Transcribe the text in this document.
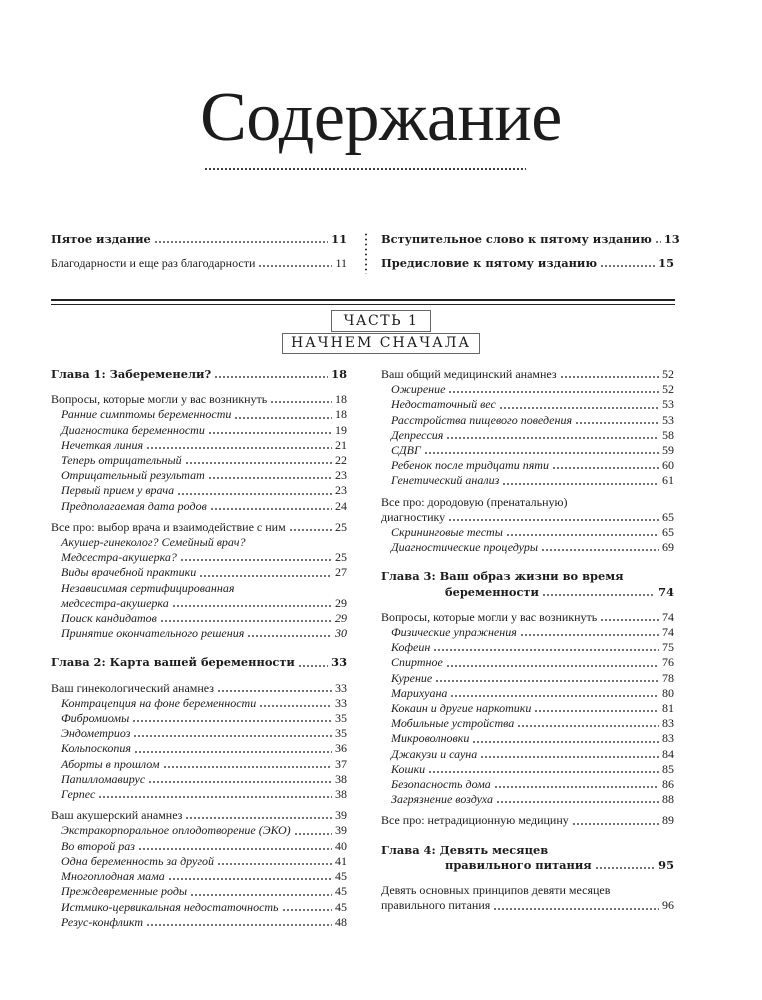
Содержание
Пятое издание	11
Благодарности и еще раз благодарности	11
Вступительное слово к пятому изданию 13
Предисловие к пятому изданию	15
ЧАСТЬ 1
НАЧНЕМ СНАЧАЛА
Глава 1: Забеременели?	18
Вопросы, которые могли у вас возникнуть	18
Ранние симптомы беременности	18
Диагностика беременности	19
Нечеткая линия	21
Теперь отрицательный	22
Отрицательный результат	23
Первый прием у врача	23
Предполагаемая дата родов	24
Все про: выбор врача и взаимодействие с ним	25
Акушер-гинеколог? Семейный врач?
Медсестра-акушерка?	25
Виды врачебной практики	27
Независимая сертифицированная
медсестра-акушерка	29
Поиск кандидатов	29
Принятие окончательного решения	30
Глава 2: Карта вашей беременности	33
Ваш гинекологический анамнез	33
Контрацепция на фоне беременности	33
Фибромиомы	35
Эндометриоз	35
Кольпоскопия	36
Аборты в прошлом	37
Папилломавирус	38
Герпес	38
Ваш акушерский анамнез	39
Экстракорпоральное оплодотворение (ЭКО)	39
Во второй раз	40
Одна беременность за другой	41
Многоплодная мама	45
Преждевременные роды	45
Истмико-цервикальная недостаточность	45
Резус-конфликт	48
Ваш общий медицинский анамнез	52
Ожирение	52
Недостаточный вес	53
Расстройства пищевого поведения	53
Депрессия	58
СДВГ	59
Ребенок после тридцати пяти	60
Генетический анализ	61
Все про: дородовую (пренатальную)
диагностику	65
Скрининговые тесты	65
Диагностические процедуры	69
Глава 3: Ваш образ жизни во время
беременности	74
Вопросы, которые могли у вас возникнуть	74
Физические упражнения	74
Кофеин	75
Спиртное	76
Курение	78
Марихуана	80
Кокаин и другие наркотики	81
Мобильные устройства	83
Микроволновки	83
Джакузи и сауна	84
Кошки	85
Безопасность дома	86
Загрязнение воздуха	88
Все про: нетрадиционную медицину	89
Глава 4: Девять месяцев
правильного питания	95
Девять основных принципов девяти месяцев
правильного питания	96
